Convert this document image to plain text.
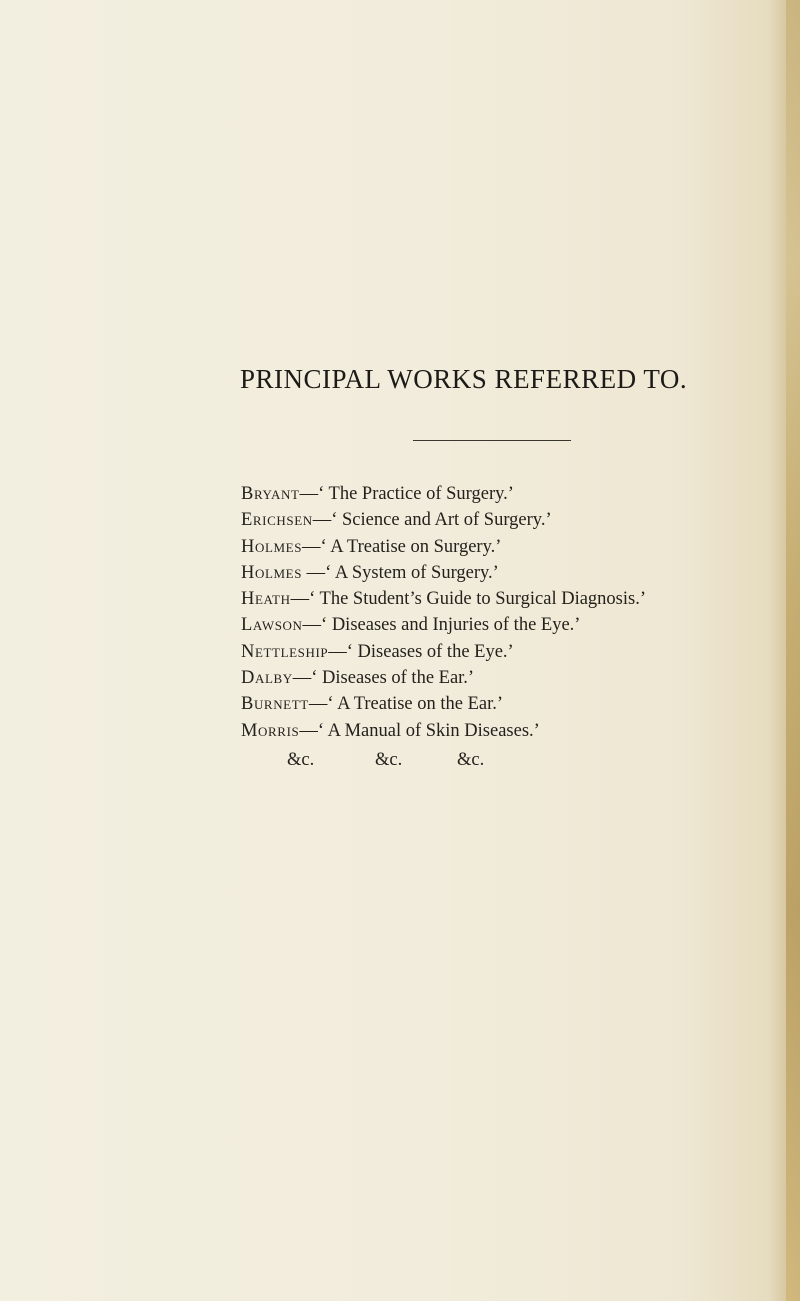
PRINCIPAL WORKS REFERRED TO.
Bryant—‘ The Practice of Surgery.’
Erichsen—‘ Science and Art of Surgery.’
Holmes—‘ A Treatise on Surgery.’
Holmes —‘ A System of Surgery.’
Heath—‘ The Student’s Guide to Surgical Diagnosis.’
Lawson—‘ Diseases and Injuries of the Eye.’
Nettleship—‘ Diseases of the Eye.’
Dalby—‘ Diseases of the Ear.’
Burnett—‘ A Treatise on the Ear.’
Morris—‘ A Manual of Skin Diseases.’
&c.	&c.	&c.
